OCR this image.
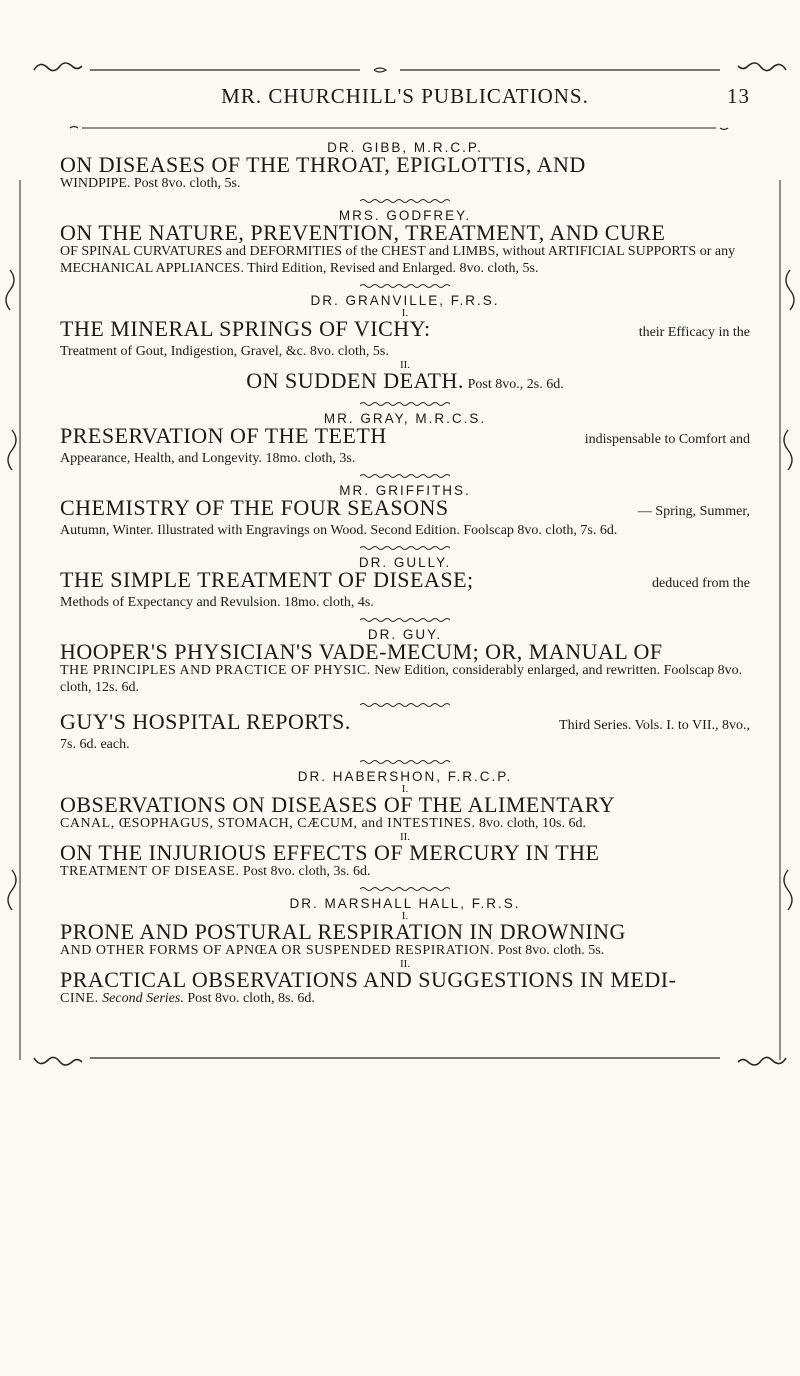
MR. CHURCHILL'S PUBLICATIONS.	13

DR. GIBB, M.R.C.P.

ON DISEASES OF THE THROAT, EPIGLOTTIS, AND

WINDPIPE. Post 8vo. cloth, 5s.

MRS. GODFREY.

ON THE NATURE, PREVENTION, TREATMENT, AND CURE

OF SPINAL CURVATURES and DEFORMITIES of the CHEST and LIMBS, without ARTIFICIAL SUPPORTS or any MECHANICAL APPLIANCES. Third Edition, Revised and Enlarged. 8vo. cloth, 5s.

DR. GRANVILLE, F.R.S.

I.

THE MINERAL SPRINGS OF VICHY:	their Efficacy in the

Treatment of Gout, Indigestion, Gravel, &c. 8vo. cloth, 5s.

II.

ON SUDDEN DEATH. Post 8vo., 2s. 6d.

MR. GRAY, M.R.C.S.

PRESERVATION OF THE TEETH	indispensable to Comfort and

Appearance, Health, and Longevity. 18mo. cloth, 3s.

MR. GRIFFITHS.

CHEMISTRY OF THE FOUR SEASONS	— Spring, Summer,

Autumn, Winter. Illustrated with Engravings on Wood. Second Edition. Foolscap 8vo. cloth, 7s. 6d.

DR. GULLY.

THE SIMPLE TREATMENT OF DISEASE;	deduced from the

Methods of Expectancy and Revulsion. 18mo. cloth, 4s.

DR. GUY.

HOOPER'S PHYSICIAN'S VADE-MECUM; OR, MANUAL OF

THE PRINCIPLES AND PRACTICE OF PHYSIC. New Edition, considerably enlarged, and rewritten. Foolscap 8vo. cloth, 12s. 6d.

GUY'S HOSPITAL REPORTS.	Third Series. Vols. I. to VII., 8vo.,

7s. 6d. each.

DR. HABERSHON, F.R.C.P.

I.

OBSERVATIONS ON DISEASES OF THE ALIMENTARY

CANAL, ŒSOPHAGUS, STOMACH, CÆCUM, and INTESTINES. 8vo. cloth, 10s. 6d.

II.

ON THE INJURIOUS EFFECTS OF MERCURY IN THE

TREATMENT OF DISEASE. Post 8vo. cloth, 3s. 6d.

DR. MARSHALL HALL, F.R.S.

I.

PRONE AND POSTURAL RESPIRATION IN DROWNING

AND OTHER FORMS OF APNŒA OR SUSPENDED RESPIRATION. Post 8vo. cloth. 5s.

II.

PRACTICAL OBSERVATIONS AND SUGGESTIONS IN MEDI-

CINE. Second Series. Post 8vo. cloth, 8s. 6d.
